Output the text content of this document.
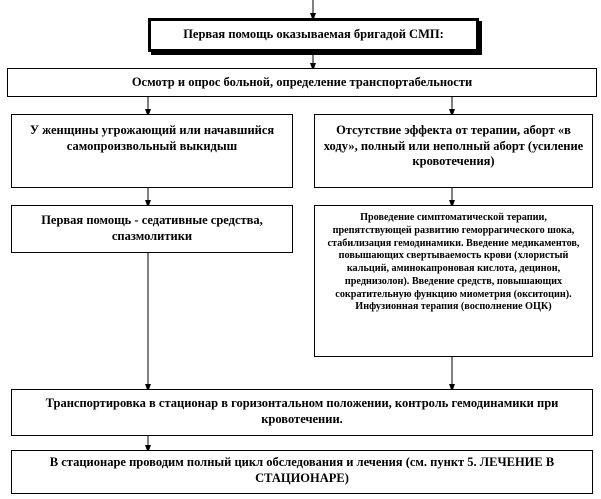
Первая помощь оказываемая бригадой СМП:
Осмотр и опрос больной, определение транспортабельности
У женщины угрожающий или начавшийся самопроизвольный выкидыш
Отсутствие эффекта от терапии, аборт «в ходу», полный или неполный аборт (усиление кровотечения)
Первая помощь - седативные средства, спазмолитики
Проведение симптоматической терапии, препятствующей развитию геморрагического шока, стабилизация гемодинамики. Введение медикаментов, повышающих свертываемость крови (хлористый кальций, аминокапроновая кислота, децинон, преднизолон). Введение средств, повышающих сократительную функцию миометрия (окситоцин). Инфузионная терапия (восполнение ОЦК)
Транспортировка в стационар в горизонтальном положении, контроль гемодинамики при кровотечении.
В стационаре проводим полный цикл обследования и лечения (см. пункт 5. ЛЕЧЕНИЕ В СТАЦИОНАРЕ)
